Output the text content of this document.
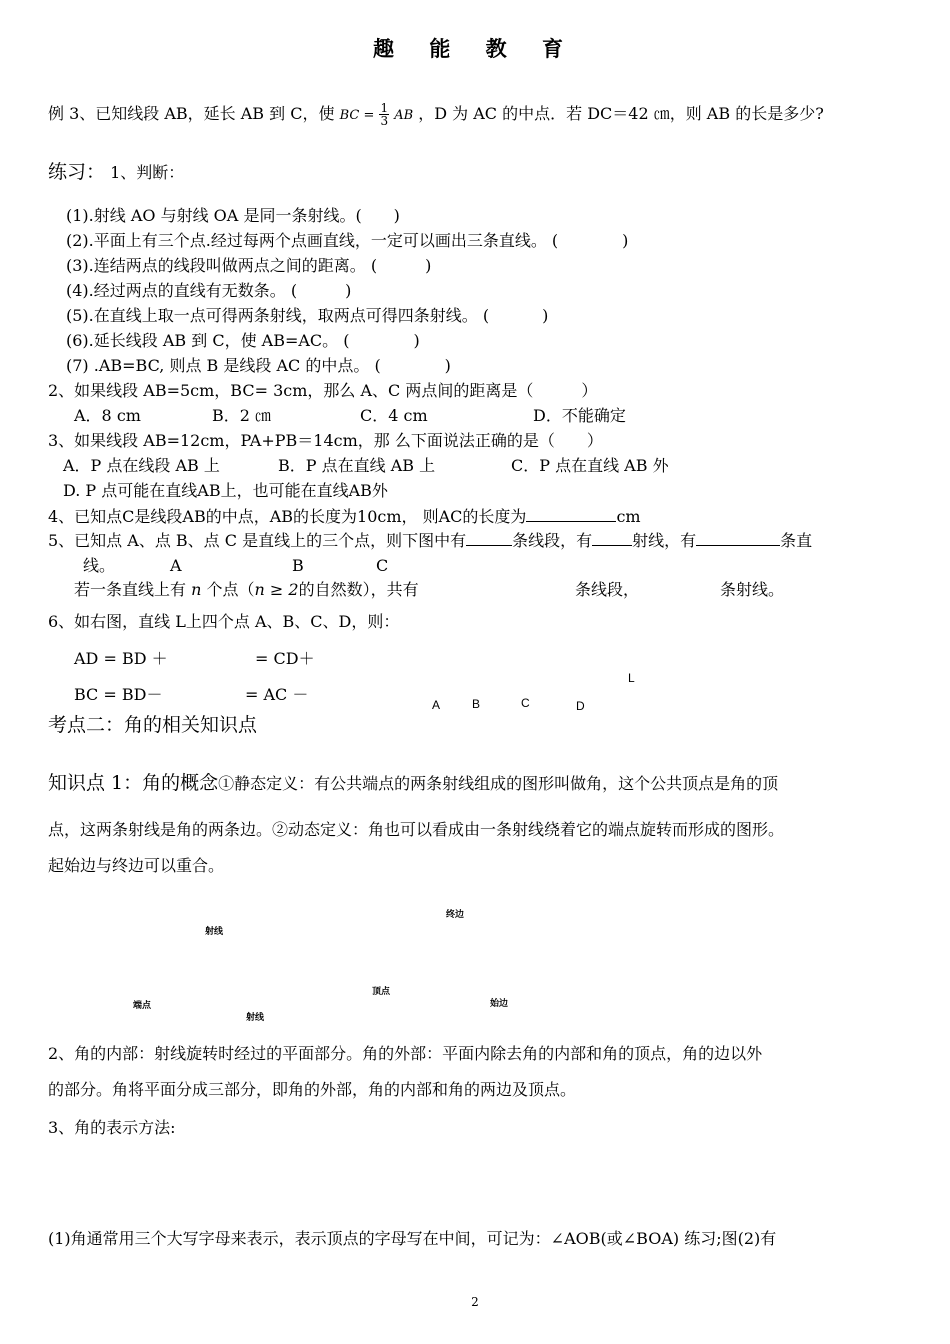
趣 能 教 育
例 3、已知线段 AB，延长 AB 到 C，使 BC = $\frac{1}{3}$ AB ，D 为 AC 的中点．若 DC＝42 ㎝，则 AB 的长是多少?
练习： 1、判断：
(1).射线 AO 与射线 OA 是同一条射线。(　　)
(2).平面上有三个点.经过每两个点画直线，一定可以画出三条直线。 (　　　　)
(3).连结两点的线段叫做两点之间的距离。 (　　　)
(4).经过两点的直线有无数条。 (　　　)
(5).在直线上取一点可得两条射线，取两点可得四条射线。 (　　　 )
(6).延长线段 AB 到 C，使 AB=AC。 (　　　　)
(7) .AB=BC, 则点 B 是线段 AC 的中点。 (　　　　)
2、如果线段 AB=5cm，BC= 3cm，那么 A、C 两点间的距离是（　　　）
A．8 cm	B．2 ㎝	C．4 cm	D．不能确定
3、如果线段 AB=12cm，PA+PB＝14cm，那 么下面说法正确的是（　　）
A．P 点在线段 AB 上	B．P 点在直线 AB 上	C．P 点在直线 AB 外
D. P 点可能在直线AB上，也可能在直线AB外
4、已知点C是线段AB的中点，AB的长度为10cm， 则AC的长度为	cm
5、已知点 A、点 B、点 C 是直线上的三个点，则下图中有	条线段，有	射线，有	条直
线。	A	B	C
若一条直线上有 n 个点（n ≥ 2的自然数），共有	条线段，	条射线。
6、如右图，直线 L上四个点 A、B、C、D，则：
AD = BD ＋	= CD＋
BC = BD－	= AC －
L
A	B	C	D
考点二：角的相关知识点
知识点 1：角的概念①静态定义：有公共端点的两条射线组成的图形叫做角，这个公共顶点是角的顶
点，这两条射线是角的两条边。②动态定义：角也可以看成由一条射线绕着它的端点旋转而形成的图形。
起始边与终边可以重合。
终边
射线
顶点
端点	始边
射线
2、角的内部：射线旋转时经过的平面部分。角的外部：平面内除去角的内部和角的顶点，角的边以外
的部分。角将平面分成三部分，即角的外部，角的内部和角的两边及顶点。
3、角的表示方法:
(1)角通常用三个大写字母来表示，表示顶点的字母写在中间，可记为：∠AOB(或∠BOA) 练习;图(2)有
2
